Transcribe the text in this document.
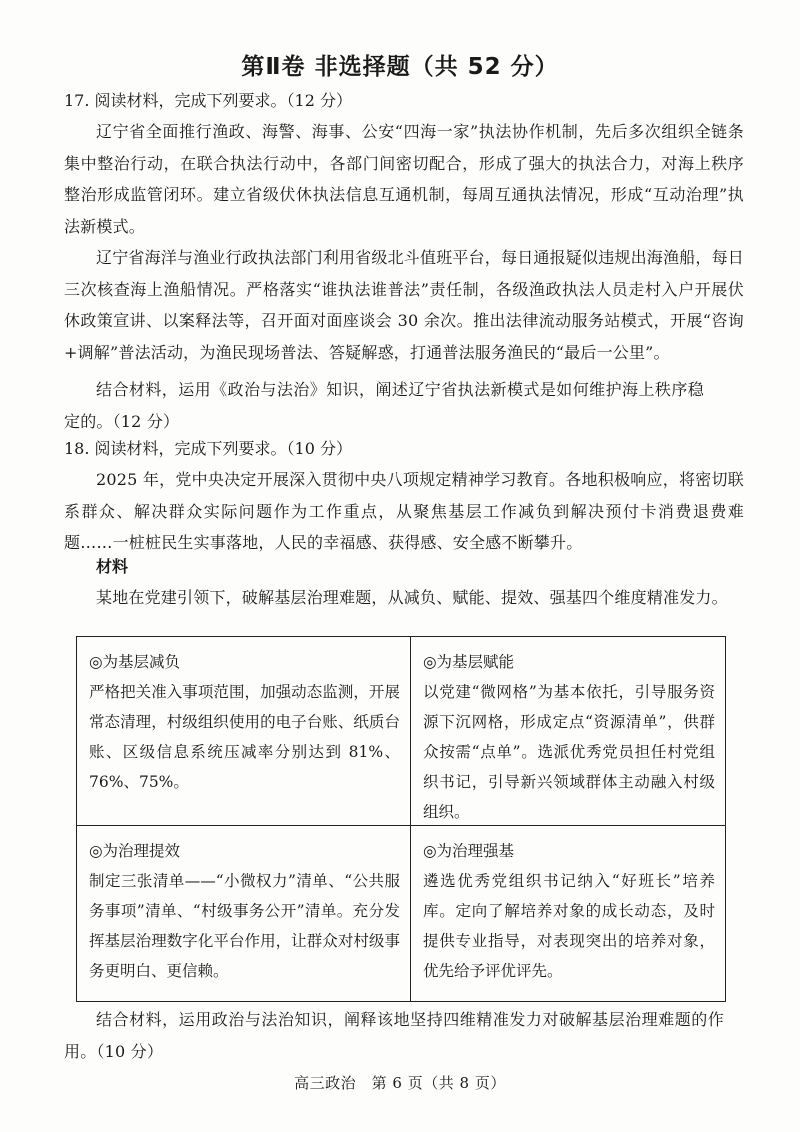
第Ⅱ卷 非选择题（共 52 分）
17. 阅读材料，完成下列要求。（12 分）
辽宁省全面推行渔政、海警、海事、公安“四海一家”执法协作机制，先后多次组织全链条集中整治行动，在联合执法行动中，各部门间密切配合，形成了强大的执法合力，对海上秩序整治形成监管闭环。建立省级伏休执法信息互通机制，每周互通执法情况，形成“互动治理”执法新模式。
辽宁省海洋与渔业行政执法部门利用省级北斗值班平台，每日通报疑似违规出海渔船，每日三次核查海上渔船情况。严格落实“谁执法谁普法”责任制，各级渔政执法人员走村入户开展伏休政策宣讲、以案释法等，召开面对面座谈会 30 余次。推出法律流动服务站模式，开展“咨询+调解”普法活动，为渔民现场普法、答疑解惑，打通普法服务渔民的“最后一公里”。
结合材料，运用《政治与法治》知识，阐述辽宁省执法新模式是如何维护海上秩序稳定的。（12 分）
18. 阅读材料，完成下列要求。（10 分）
2025 年，党中央决定开展深入贯彻中央八项规定精神学习教育。各地积极响应，将密切联系群众、解决群众实际问题作为工作重点，从聚焦基层工作减负到解决预付卡消费退费难题……一桩桩民生实事落地，人民的幸福感、获得感、安全感不断攀升。
材料
某地在党建引领下，破解基层治理难题，从减负、赋能、提效、强基四个维度精准发力。
◎为基层减负
严格把关准入事项范围，加强动态监测，开展常态清理，村级组织使用的电子台账、纸质台账、区级信息系统压减率分别达到 81%、76%、75%。
◎为基层赋能
以党建“微网格”为基本依托，引导服务资源下沉网格，形成定点“资源清单”，供群众按需“点单”。选派优秀党员担任村党组织书记，引导新兴领域群体主动融入村级组织。
◎为治理提效
制定三张清单——“小微权力”清单、“公共服务事项”清单、“村级事务公开”清单。充分发挥基层治理数字化平台作用，让群众对村级事务更明白、更信赖。
◎为治理强基
遴选优秀党组织书记纳入“好班长”培养库。定向了解培养对象的成长动态，及时提供专业指导，对表现突出的培养对象，优先给予评优评先。
结合材料，运用政治与法治知识，阐释该地坚持四维精准发力对破解基层治理难题的作用。（10 分）
高三政治　第 6 页（共 8 页）
